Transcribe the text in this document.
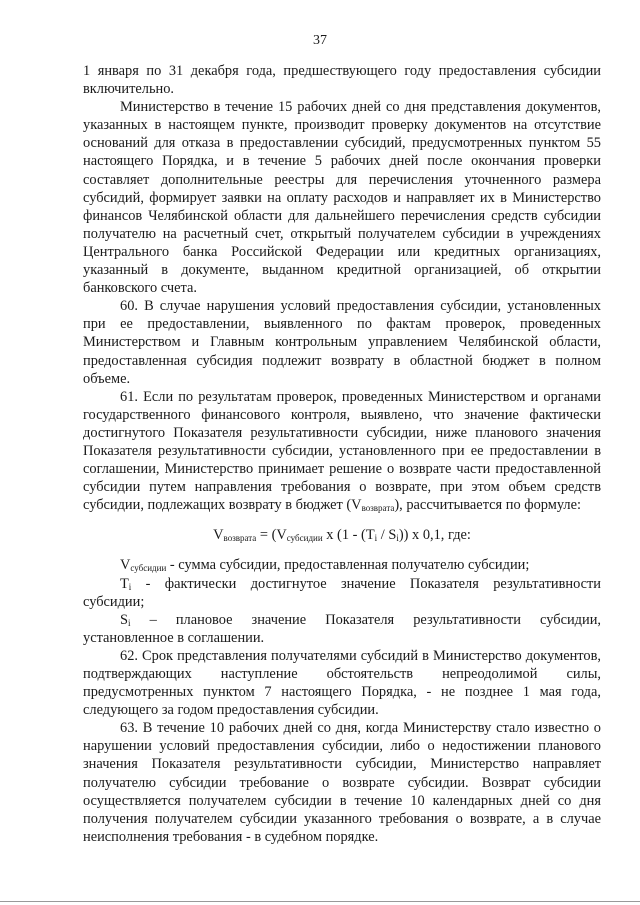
37

1 января по 31 декабря года, предшествующего году предоставления субсидии включительно.

Министерство в течение 15 рабочих дней со дня представления документов, указанных в настоящем пункте, производит проверку документов на отсутствие оснований для отказа в предоставлении субсидий, предусмотренных пунктом 55 настоящего Порядка, и в течение 5 рабочих дней после окончания проверки составляет дополнительные реестры для перечисления уточненного размера субсидий, формирует заявки на оплату расходов и направляет их в Министерство финансов Челябинской области для дальнейшего перечисления средств субсидии получателю на расчетный счет, открытый получателем субсидии в учреждениях Центрального банка Российской Федерации или кредитных организациях, указанный в документе, выданном кредитной организацией, об открытии банковского счета.

60. В случае нарушения условий предоставления субсидии, установленных при ее предоставлении, выявленного по фактам проверок, проведенных Министерством и Главным контрольным управлением Челябинской области, предоставленная субсидия подлежит возврату в областной бюджет в полном объеме.

61. Если по результатам проверок, проведенных Министерством и органами государственного финансового контроля, выявлено, что значение фактически достигнутого Показателя результативности субсидии, ниже планового значения Показателя результативности субсидии, установленного при ее предоставлении в соглашении, Министерство принимает решение о возврате части предоставленной субсидии путем направления требования о возврате, при этом объем средств субсидии, подлежащих возврату в бюджет $(V_{возврата})$, рассчитывается по формуле:

$V_{возврата} = (V_{субсидии}$ x $(1 - (T_i / S_i))$ x 0,1, где:

$V_{субсидии}$ - сумма субсидии, предоставленная получателю субсидии;

$T_i$ - фактически достигнутое значение Показателя результативности субсидии;

$S_i$ – плановое значение Показателя результативности субсидии, установленное в соглашении.

62. Срок представления получателями субсидий в Министерство документов, подтверждающих наступление обстоятельств непреодолимой силы, предусмотренных пунктом 7 настоящего Порядка, - не позднее 1 мая года, следующего за годом предоставления субсидии.

63. В течение 10 рабочих дней со дня, когда Министерству стало известно о нарушении условий предоставления субсидии, либо о недостижении планового значения Показателя результативности субсидии, Министерство направляет получателю субсидии требование о возврате субсидии. Возврат субсидии осуществляется получателем субсидии в течение 10 календарных дней со дня получения получателем субсидии указанного требования о возврате, а в случае неисполнения требования - в судебном порядке.
